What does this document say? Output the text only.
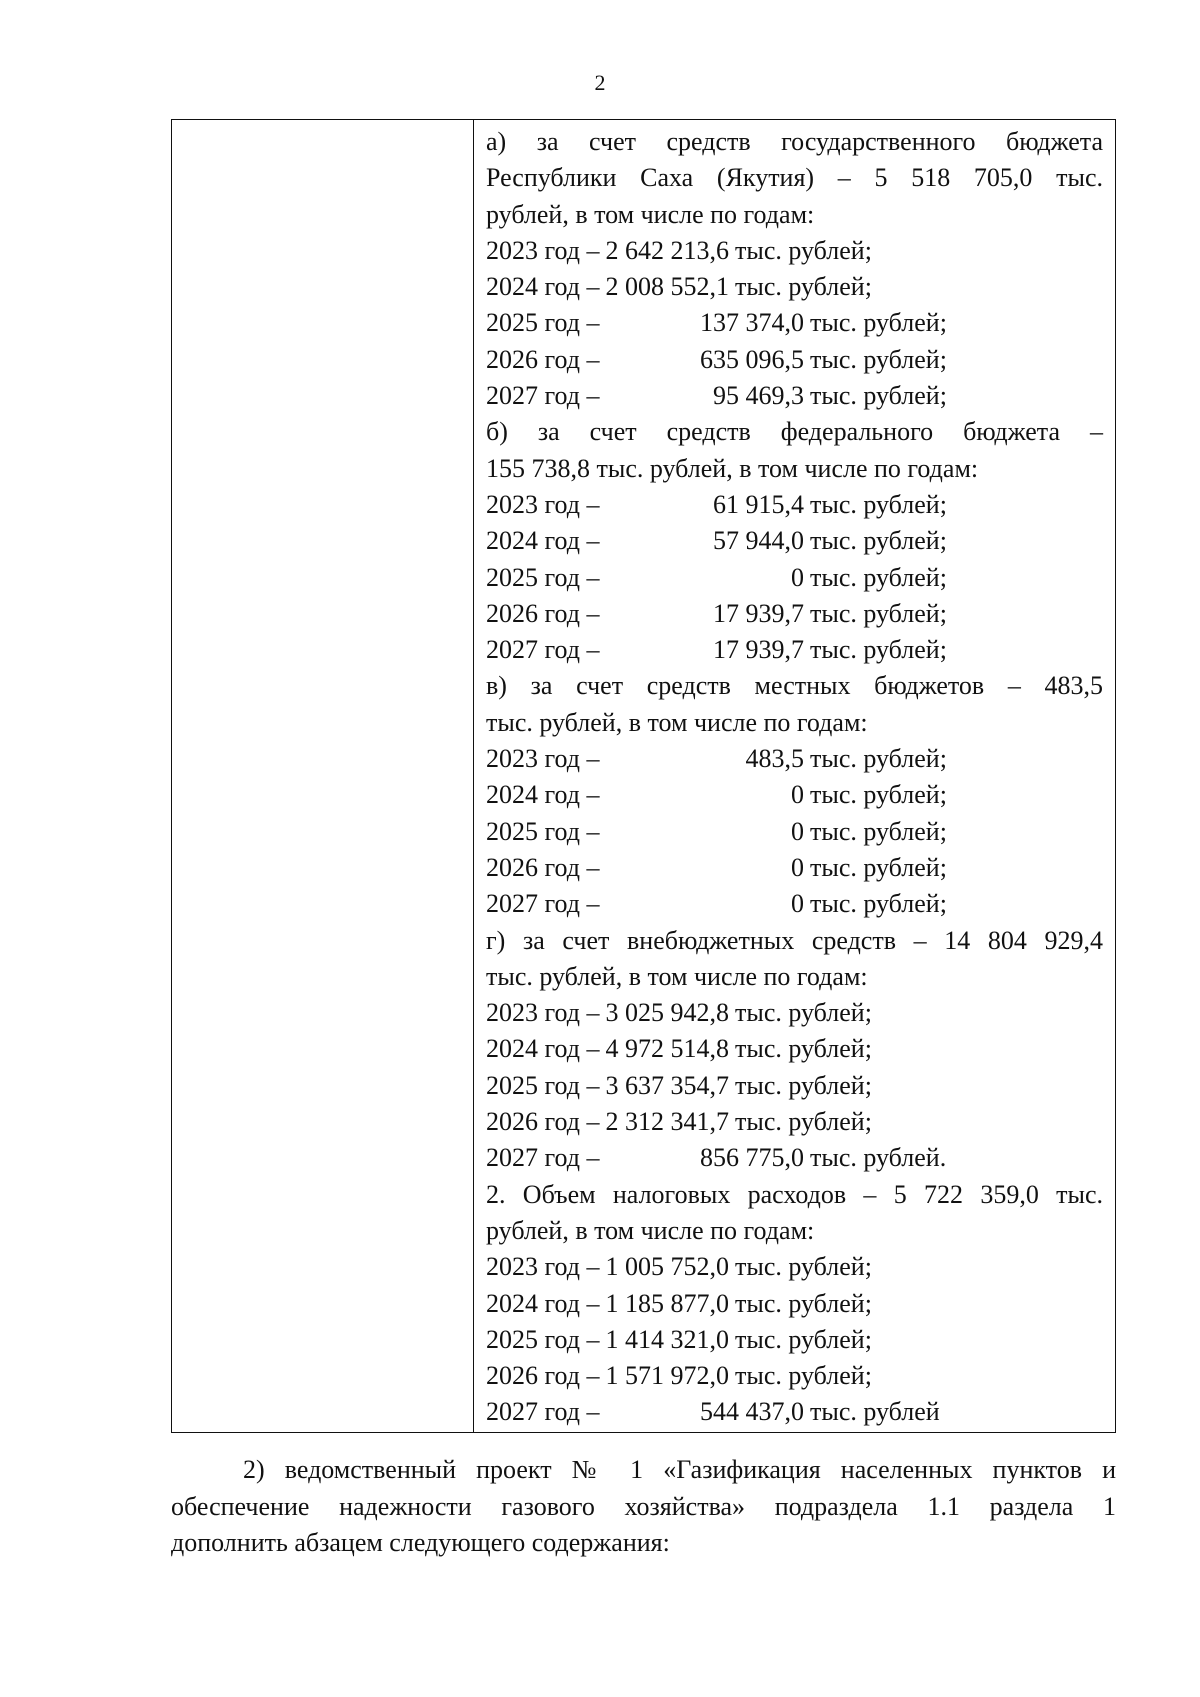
2
а) за счет средств государственного бюджета
Республики Саха (Якутия) – 5 518 705,0 тыс.
рублей, в том числе по годам:
2023 год – 2 642 213,6 тыс. рублей;
2024 год – 2 008 552,1 тыс. рублей;
2025 год –	137 374,0 тыс. рублей;
2026 год –	635 096,5 тыс. рублей;
2027 год –	95 469,3 тыс. рублей;
б) за счет средств федерального бюджета –
155 738,8 тыс. рублей, в том числе по годам:
2023 год –	61 915,4 тыс. рублей;
2024 год –	57 944,0 тыс. рублей;
2025 год –	0 тыс. рублей;
2026 год –	17 939,7 тыс. рублей;
2027 год –	17 939,7 тыс. рублей;
в) за счет средств местных бюджетов – 483,5
тыс. рублей, в том числе по годам:
2023 год –	483,5 тыс. рублей;
2024 год –	0 тыс. рублей;
2025 год –	0 тыс. рублей;
2026 год –	0 тыс. рублей;
2027 год –	0 тыс. рублей;
г) за счет внебюджетных средств – 14 804 929,4
тыс. рублей, в том числе по годам:
2023 год – 3 025 942,8 тыс. рублей;
2024 год – 4 972 514,8 тыс. рублей;
2025 год – 3 637 354,7 тыс. рублей;
2026 год – 2 312 341,7 тыс. рублей;
2027 год –	856 775,0 тыс. рублей.
2. Объем налоговых расходов – 5 722 359,0 тыс.
рублей, в том числе по годам:
2023 год – 1 005 752,0 тыс. рублей;
2024 год – 1 185 877,0 тыс. рублей;
2025 год – 1 414 321,0 тыс. рублей;
2026 год – 1 571 972,0 тыс. рублей;
2027 год –	544 437,0 тыс. рублей
2) ведомственный проект № 1 «Газификация населенных пунктов и
обеспечение надежности газового хозяйства» подраздела 1.1 раздела 1
дополнить абзацем следующего содержания:
